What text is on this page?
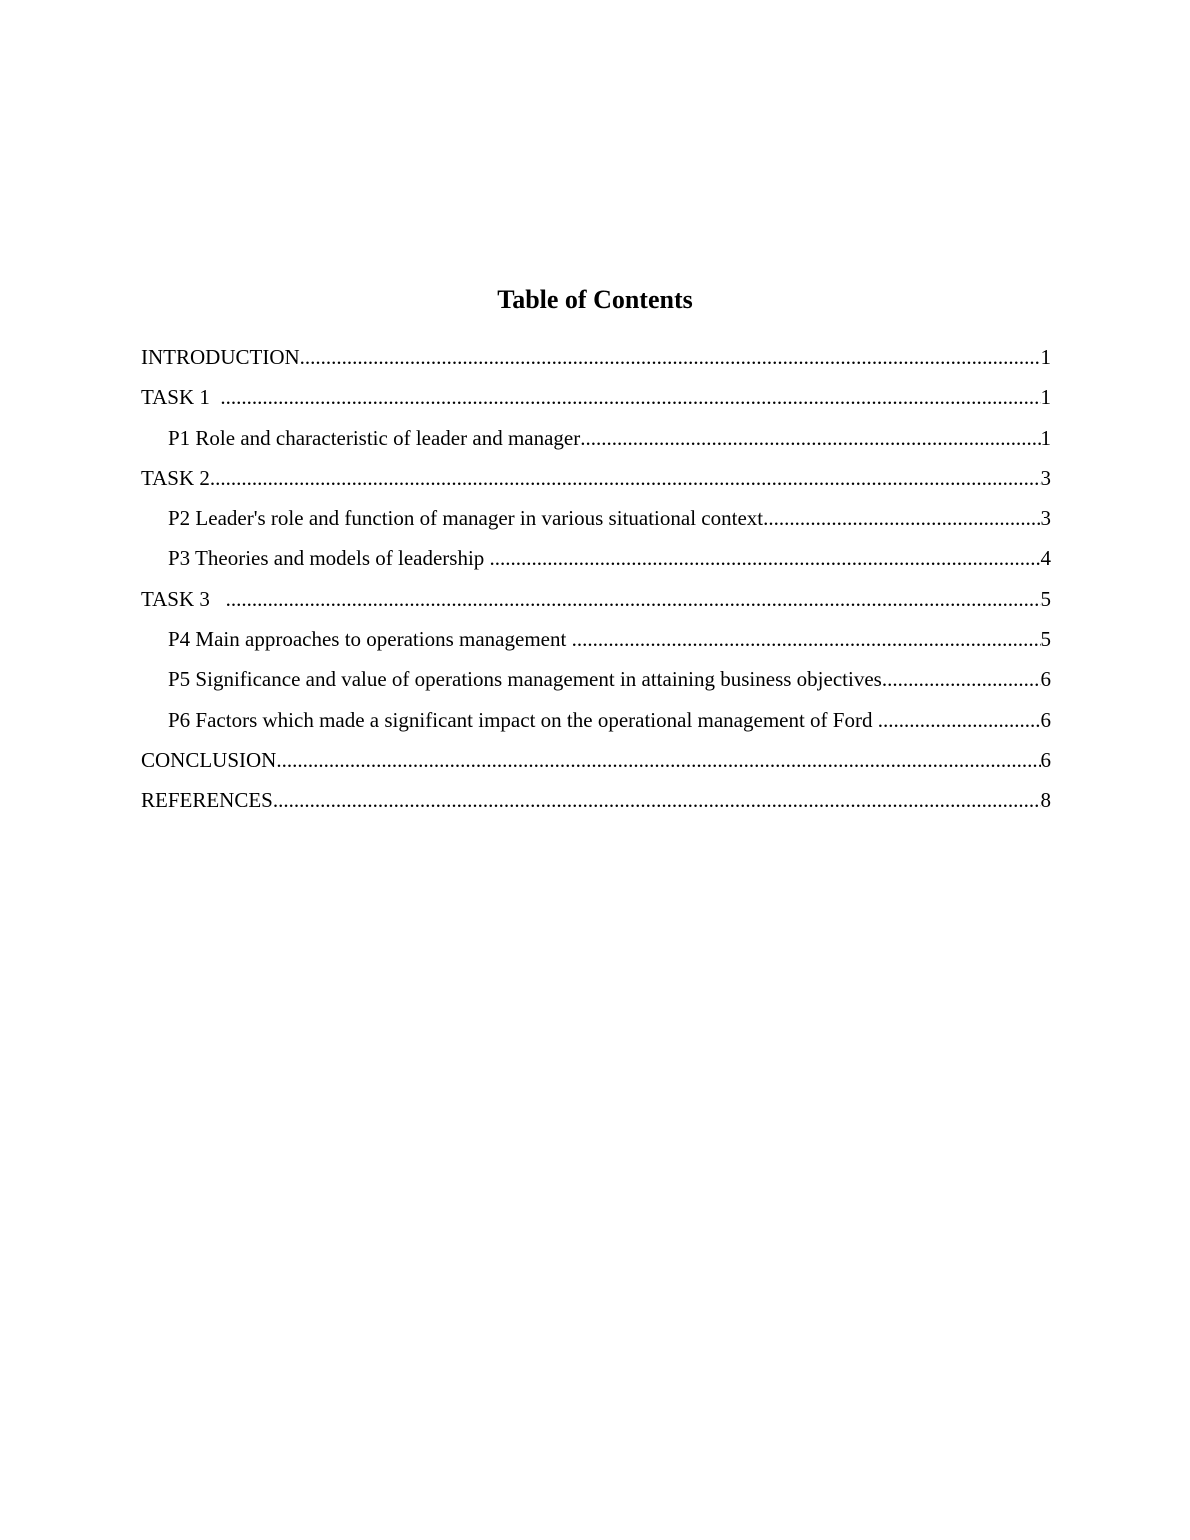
Table of Contents
INTRODUCTION .....	1
TASK 1 .....	1
P1 Role and characteristic of leader and manager .....	1
TASK 2 .....	3
P2 Leader's role and function of manager in various situational context .....	3
P3 Theories and models of leadership .....	4
TASK 3 .....	5
P4 Main approaches to operations management .....	5
P5 Significance and value of operations management in attaining business objectives .....	6
P6 Factors which made a significant impact on the operational management of Ford .....	6
CONCLUSION .....	6
REFERENCES .....	8
